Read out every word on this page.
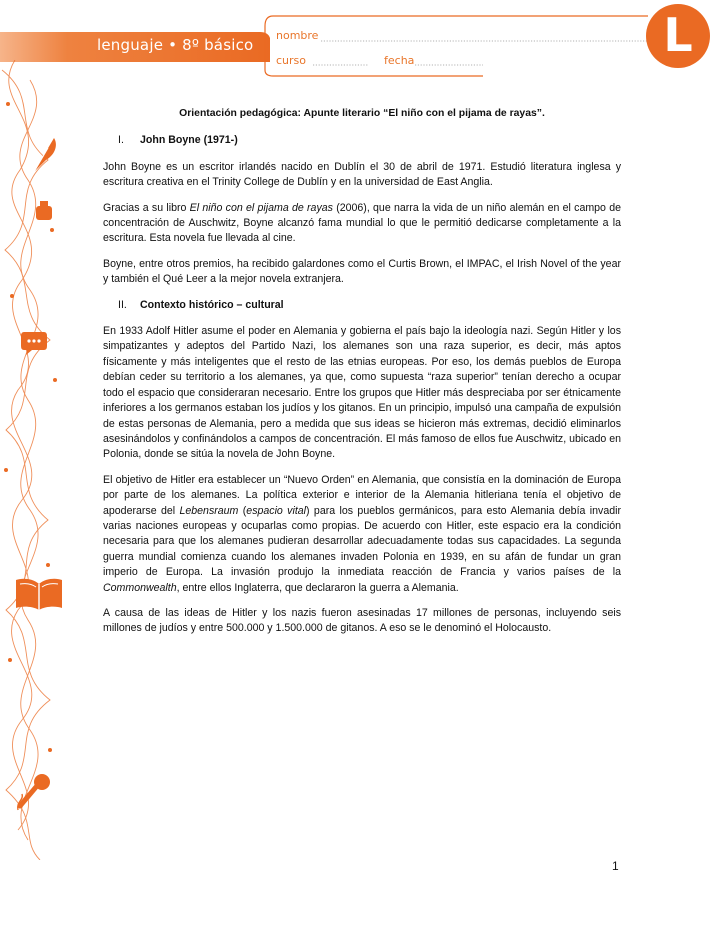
lenguaje • 8º básico
nombre
curso	fecha	L

Orientación pedagógica: Apunte literario “El niño con el pijama de rayas”.

I. John Boyne (1971-)

John Boyne es un escritor irlandés nacido en Dublín el 30 de abril de 1971. Estudió literatura inglesa y escritura creativa en el Trinity College de Dublín y en la universidad de East Anglia.

Gracias a su libro El niño con el pijama de rayas (2006), que narra la vida de un niño alemán en el campo de concentración de Auschwitz, Boyne alcanzó fama mundial lo que le permitió dedicarse completamente a la escritura. Esta novela fue llevada al cine.

Boyne, entre otros premios, ha recibido galardones como el Curtis Brown, el IMPAC, el Irish Novel of the year y también el Qué Leer a la mejor novela extranjera.

II. Contexto histórico – cultural

En 1933 Adolf Hitler asume el poder en Alemania y gobierna el país bajo la ideología nazi. Según Hitler y los simpatizantes y adeptos del Partido Nazi, los alemanes son una raza superior, es decir, más aptos físicamente y más inteligentes que el resto de las etnias europeas. Por eso, los demás pueblos de Europa debían ceder su territorio a los alemanes, ya que, como supuesta “raza superior” tenían derecho a ocupar todo el espacio que consideraran necesario. Entre los grupos que Hitler más despreciaba por ser étnicamente inferiores a los germanos estaban los judíos y los gitanos. En un principio, impulsó una campaña de expulsión de estas personas de Alemania, pero a medida que sus ideas se hicieron más extremas, decidió eliminarlos asesinándolos y confinándolos a campos de concentración. El más famoso de ellos fue Auschwitz, ubicado en Polonia, donde se sitúa la novela de John Boyne.

El objetivo de Hitler era establecer un “Nuevo Orden” en Alemania, que consistía en la dominación de Europa por parte de los alemanes. La política exterior e interior de la Alemania hitleriana tenía el objetivo de apoderarse del Lebensraum (espacio vital) para los pueblos germánicos, para esto Alemania debía invadir varias naciones europeas y ocuparlas como propias. De acuerdo con Hitler, este espacio era la condición necesaria para que los alemanes pudieran desarrollar adecuadamente todas sus capacidades. La segunda guerra mundial comienza cuando los alemanes invaden Polonia en 1939, en su afán de fundar un gran imperio de Europa. La invasión produjo la inmediata reacción de Francia y varios países de la Commonwealth, entre ellos Inglaterra, que declararon la guerra a Alemania.

A causa de las ideas de Hitler y los nazis fueron asesinadas 17 millones de personas, incluyendo seis millones de judíos y entre 500.000 y 1.500.000 de gitanos. A eso se le denominó el Holocausto.

1
